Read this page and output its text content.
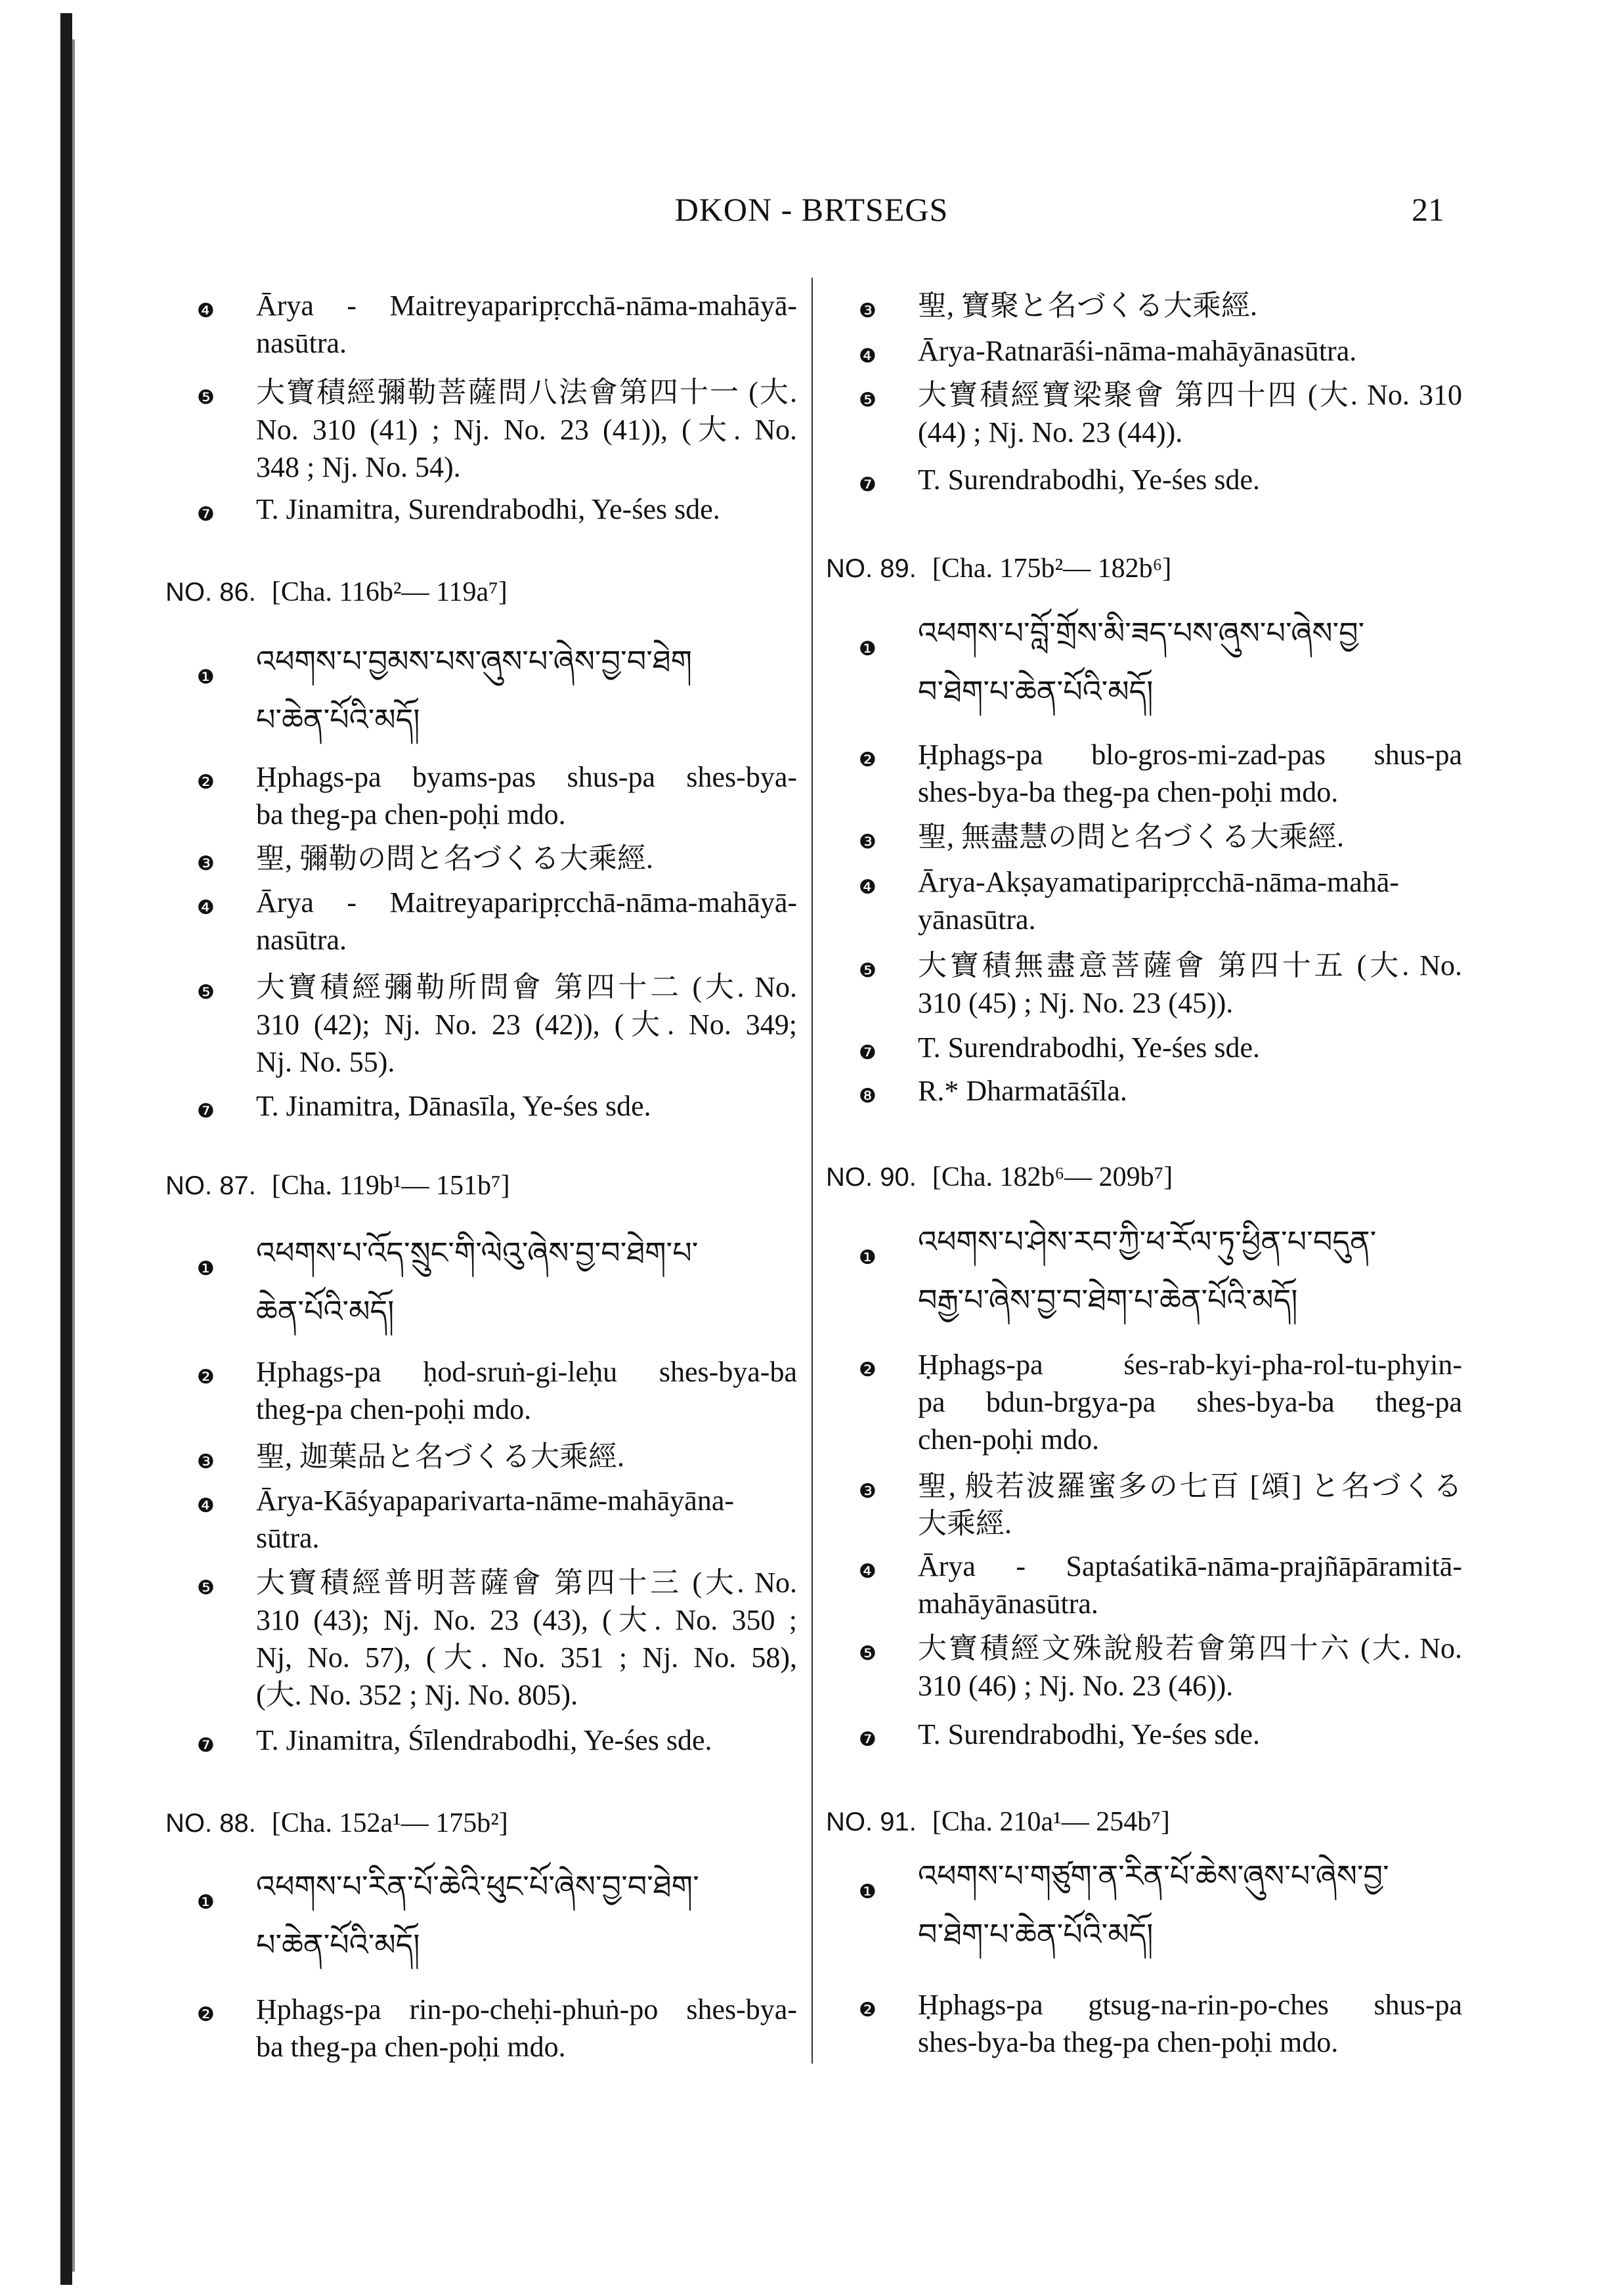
DKON - BRTSEGS	21
❹ Ārya - Maitreyaparipṛcchā-nāma-mahāyā-
nasūtra.
❺ 大寶積經彌勒菩薩問八法會第四十一 (大.
No. 310 (41) ; Nj. No. 23 (41)), (大. No.
348 ; Nj. No. 54).
❼ T. Jinamitra, Surendrabodhi, Ye-śes sde.
NO. 86. [Cha. 116b²— 119a⁷]
❶ འཕགས་པ་བྱམས་པས་ཞུས་པ་ཞེས་བྱ་བ་ཐེག
པ་ཆེན་པོའི་མདོ།
❷ Ḥphags-pa byams-pas shus-pa shes-bya-
ba theg-pa chen-poḥi mdo.
❸ 聖, 彌勒の問と名づくる大乘經.
❹ Ārya - Maitreyaparipṛcchā-nāma-mahāyā-
nasūtra.
❺ 大寶積經彌勒所問會 第四十二 (大. No.
310 (42); Nj. No. 23 (42)), (大. No. 349;
Nj. No. 55).
❼ T. Jinamitra, Dānasīla, Ye-śes sde.
NO. 87. [Cha. 119b¹— 151b⁷]
❶ འཕགས་པ་འོད་སྲུང་གི་ལེའུ་ཞེས་བྱ་བ་ཐེག་པ་
ཆེན་པོའི་མདོ།
❷ Ḥphags-pa ḥod-sruṅ-gi-leḥu shes-bya-ba
theg-pa chen-poḥi mdo.
❸ 聖, 迦葉品と名づくる大乘經.
❹ Ārya-Kāśyapaparivarta-nāme-mahāyāna-
sūtra.
❺ 大寶積經普明菩薩會 第四十三 (大. No.
310 (43); Nj. No. 23 (43), (大. No. 350 ;
Nj, No. 57), (大. No. 351 ; Nj. No. 58),
(大. No. 352 ; Nj. No. 805).
❼ T. Jinamitra, Śīlendrabodhi, Ye-śes sde.
NO. 88. [Cha. 152a¹— 175b²]
❶ འཕགས་པ་རིན་པོ་ཆེའི་ཕུང་པོ་ཞེས་བྱ་བ་ཐེག་
པ་ཆེན་པོའི་མདོ།
❷ Ḥphags-pa rin-po-cheḥi-phuṅ-po shes-bya-
ba theg-pa chen-poḥi mdo.
❸ 聖, 寶聚と名づくる大乘經.
❹ Ārya-Ratnarāśi-nāma-mahāyānasūtra.
❺ 大寶積經寶梁聚會 第四十四 (大. No. 310
(44) ; Nj. No. 23 (44)).
❼ T. Surendrabodhi, Ye-śes sde.
NO. 89. [Cha. 175b²— 182b⁶]
❶ འཕགས་པ་བློ་གྲོས་མི་ཟད་པས་ཞུས་པ་ཞེས་བྱ་
བ་ཐེག་པ་ཆེན་པོའི་མདོ།
❷ Ḥphags-pa blo-gros-mi-zad-pas shus-pa
shes-bya-ba theg-pa chen-poḥi mdo.
❸ 聖, 無盡慧の問と名づくる大乘經.
❹ Ārya-Akṣayamatiparipṛcchā-nāma-mahā-
yānasūtra.
❺ 大寶積無盡意菩薩會 第四十五 (大. No.
310 (45) ; Nj. No. 23 (45)).
❼ T. Surendrabodhi, Ye-śes sde.
❽ R.* Dharmatāśīla.
NO. 90. [Cha. 182b⁶— 209b⁷]
❶ འཕགས་པ་ཤེས་རབ་ཀྱི་ཕ་རོལ་ཏུ་ཕྱིན་པ་བདུན་
བརྒྱ་པ་ཞེས་བྱ་བ་ཐེག་པ་ཆེན་པོའི་མདོ།
❷ Ḥphags-pa śes-rab-kyi-pha-rol-tu-phyin-
pa bdun-brgya-pa shes-bya-ba theg-pa
chen-poḥi mdo.
❸ 聖, 般若波羅蜜多の七百 [頌] と名づくる
大乘經.
❹ Ārya - Saptaśatikā-nāma-prajñāpāramitā-
mahāyānasūtra.
❺ 大寶積經文殊說般若會第四十六 (大. No.
310 (46) ; Nj. No. 23 (46)).
❼ T. Surendrabodhi, Ye-śes sde.
NO. 91. [Cha. 210a¹— 254b⁷]
❶ འཕགས་པ་གཙུག་ན་རིན་པོ་ཆེས་ཞུས་པ་ཞེས་བྱ་
བ་ཐེག་པ་ཆེན་པོའི་མདོ།
❷ Ḥphags-pa gtsug-na-rin-po-ches shus-pa
shes-bya-ba theg-pa chen-poḥi mdo.
